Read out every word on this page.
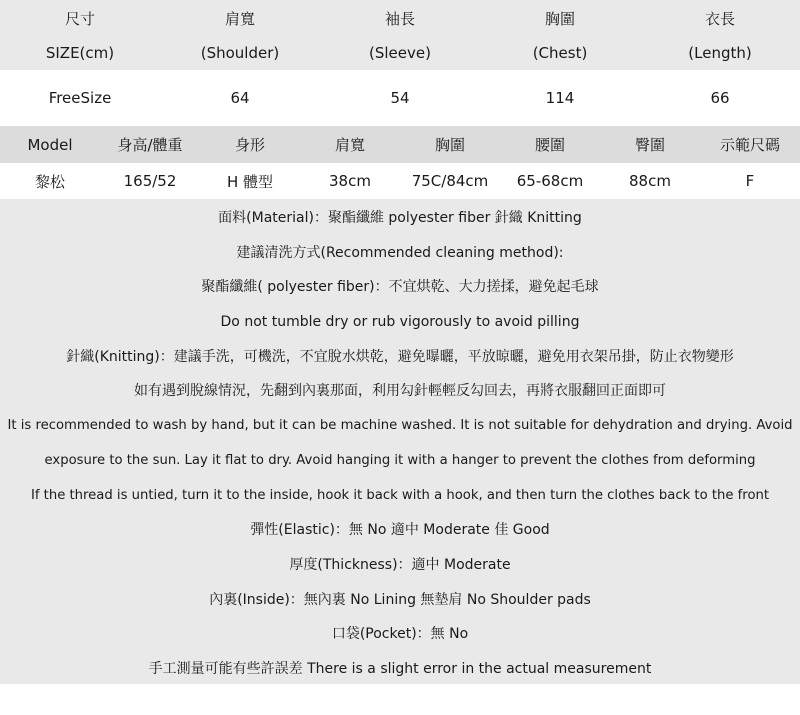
尺寸	肩寬	袖長	胸圍	衣長
SIZE(cm)	(Shoulder)	(Sleeve)	(Chest)	(Length)
FreeSize	64	54	114	66
Model	身高/體重	身形	肩寬	胸圍	腰圍	臀圍	示範尺碼
黎松	165/52	H 體型	38cm	75C/84cm	65-68cm	88cm	F
面料(Material)：聚酯纖維 polyester fiber 針織 Knitting
建議清洗方式(Recommended cleaning method):
聚酯纖維( polyester fiber)：不宜烘乾、大力搓揉，避免起毛球
Do not tumble dry or rub vigorously to avoid pilling
針織(Knitting)：建議手洗，可機洗，不宜脫水烘乾，避免曝曬，平放晾曬，避免用衣架吊掛，防止衣物變形
如有遇到脫線情況，先翻到內裏那面，利用勾針輕輕反勾回去，再將衣服翻回正面即可
It is recommended to wash by hand, but it can be machine washed. It is not suitable for dehydration and drying. Avoid
exposure to the sun. Lay it flat to dry. Avoid hanging it with a hanger to prevent the clothes from deforming
If the thread is untied, turn it to the inside, hook it back with a hook, and then turn the clothes back to the front
彈性(Elastic)：無 No 適中 Moderate 佳 Good
厚度(Thickness)：適中 Moderate
內裏(Inside)：無內裏 No Lining 無墊肩 No Shoulder pads
口袋(Pocket)：無 No
手工測量可能有些許誤差 There is a slight error in the actual measurement
